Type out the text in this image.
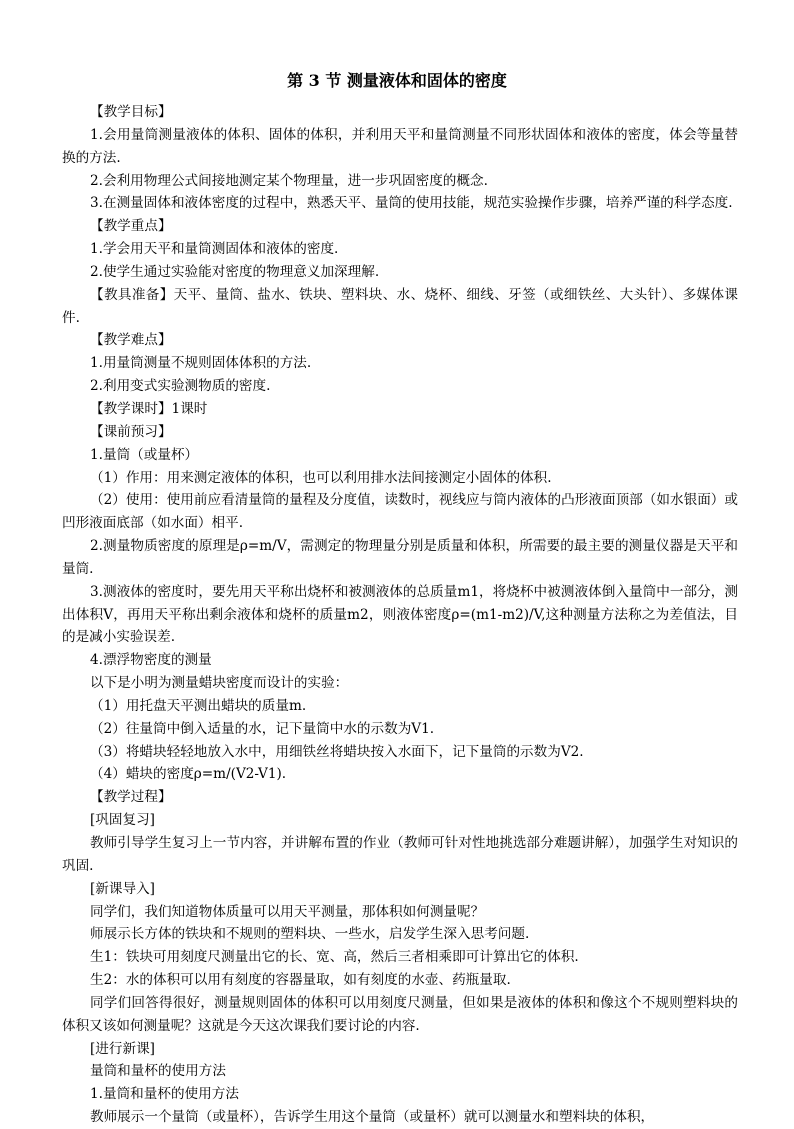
第 3 节 测量液体和固体的密度

【教学目标】

1.会用量筒测量液体的体积、固体的体积，并利用天平和量筒测量不同形状固体和液体的密度，体会等量替换的方法.

2.会利用物理公式间接地测定某个物理量，进一步巩固密度的概念.

3.在测量固体和液体密度的过程中，熟悉天平、量筒的使用技能，规范实验操作步骤，培养严谨的科学态度.

【教学重点】

1.学会用天平和量筒测固体和液体的密度.

2.使学生通过实验能对密度的物理意义加深理解.

【教具准备】天平、量筒、盐水、铁块、塑料块、水、烧杯、细线、牙签（或细铁丝、大头针）、多媒体课件.

【教学难点】

1.用量筒测量不规则固体体积的方法.

2.利用变式实验测物质的密度.

【教学课时】1课时

【课前预习】

1.量筒（或量杯）

（1）作用：用来测定液体的体积，也可以利用排水法间接测定小固体的体积.

（2）使用：使用前应看清量筒的量程及分度值，读数时，视线应与筒内液体的凸形液面顶部（如水银面）或凹形液面底部（如水面）相平.

2.测量物质密度的原理是ρ=m/V，需测定的物理量分别是质量和体积，所需要的最主要的测量仪器是天平和量筒.

3.测液体的密度时，要先用天平称出烧杯和被测液体的总质量m1，将烧杯中被测液体倒入量筒中一部分，测出体积V，再用天平称出剩余液体和烧杯的质量m2，则液体密度ρ=(m1-m2)/V,这种测量方法称之为差值法，目的是减小实验误差.

4.漂浮物密度的测量

以下是小明为测量蜡块密度而设计的实验：

（1）用托盘天平测出蜡块的质量m.

（2）往量筒中倒入适量的水，记下量筒中水的示数为V1.

（3）将蜡块轻轻地放入水中，用细铁丝将蜡块按入水面下，记下量筒的示数为V2.

（4）蜡块的密度ρ=m/(V2-V1).

【教学过程】

[巩固复习]

教师引导学生复习上一节内容，并讲解布置的作业（教师可针对性地挑选部分难题讲解），加强学生对知识的巩固.

[新课导入]

同学们，我们知道物体质量可以用天平测量，那体积如何测量呢？

师展示长方体的铁块和不规则的塑料块、一些水，启发学生深入思考问题.

生1：铁块可用刻度尺测量出它的长、宽、高，然后三者相乘即可计算出它的体积.

生2：水的体积可以用有刻度的容器量取，如有刻度的水壶、药瓶量取.

同学们回答得很好，测量规则固体的体积可以用刻度尺测量，但如果是液体的体积和像这个不规则塑料块的体积又该如何测量呢？这就是今天这次课我们要讨论的内容.

[进行新课]

量筒和量杯的使用方法

1.量筒和量杯的使用方法

教师展示一个量筒（或量杯），告诉学生用这个量筒（或量杯）就可以测量水和塑料块的体积，
